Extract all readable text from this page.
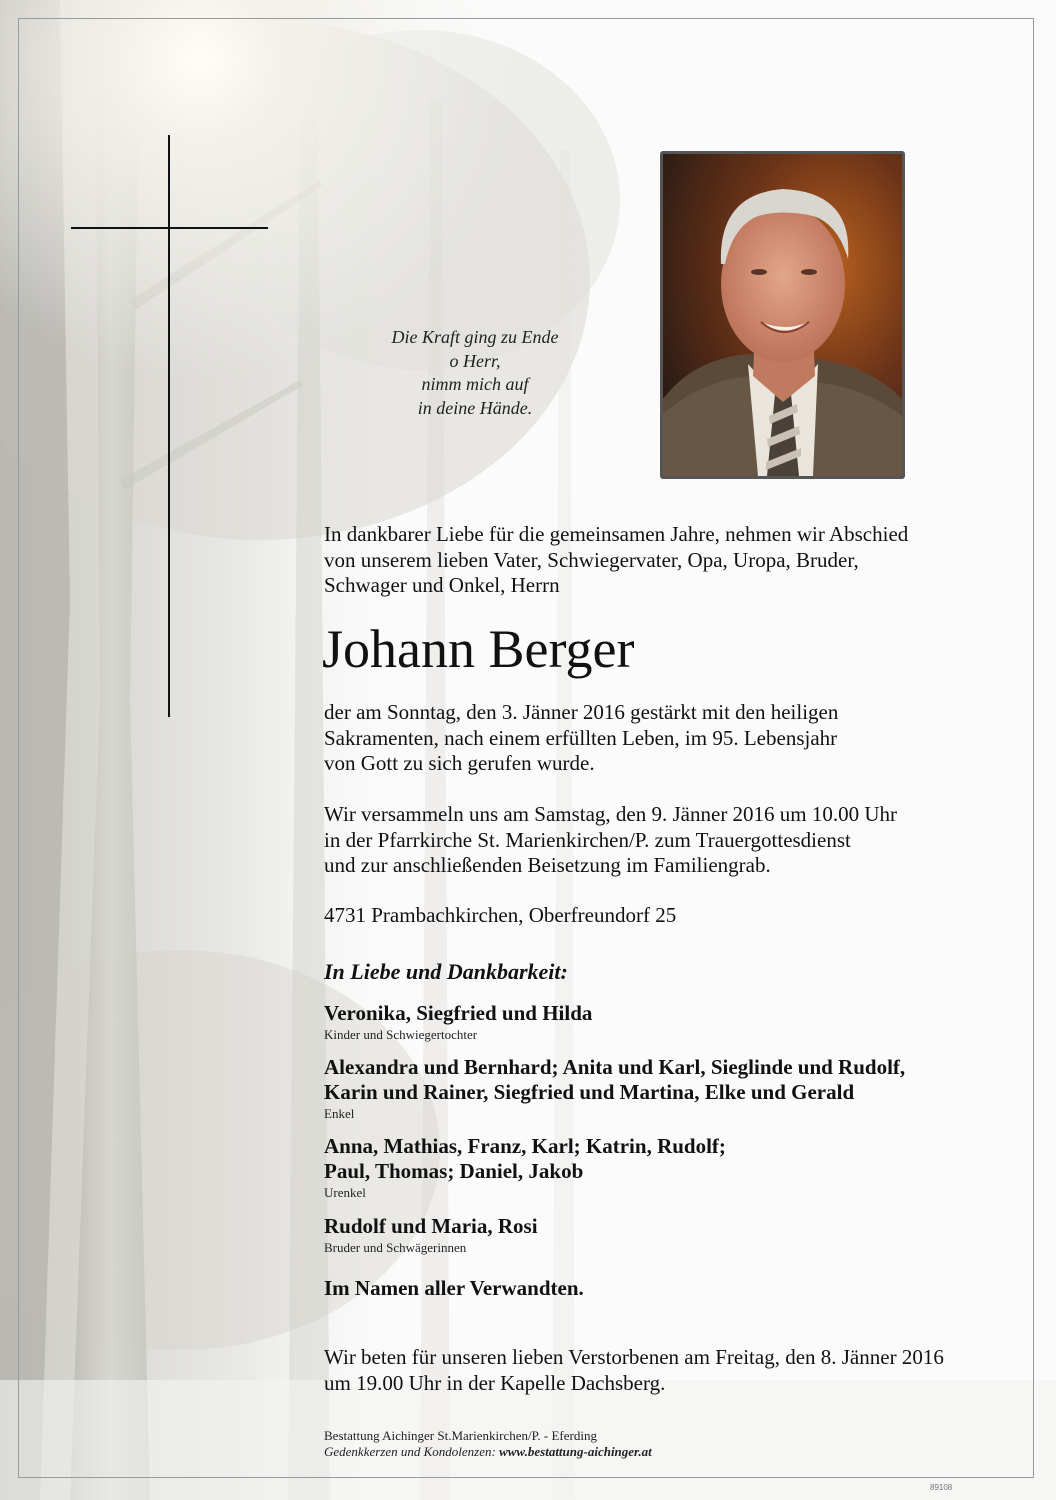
Die Kraft ging zu Ende
o Herr,
nimm mich auf
in deine Hände.
In dankbarer Liebe für die gemeinsamen Jahre, nehmen wir Abschied
von unserem lieben Vater, Schwiegervater, Opa, Uropa, Bruder,
Schwager und Onkel, Herrn
Johann Berger
der am Sonntag, den 3. Jänner 2016 gestärkt mit den heiligen
Sakramenten, nach einem erfüllten Leben, im 95. Lebensjahr
von Gott zu sich gerufen wurde.
Wir versammeln uns am Samstag, den 9. Jänner 2016 um 10.00 Uhr
in der Pfarrkirche St. Marienkirchen/P. zum Trauergottesdienst
und zur anschließenden Beisetzung im Familiengrab.
4731 Prambachkirchen, Oberfreundorf 25
In Liebe und Dankbarkeit:
Veronika, Siegfried und Hilda
Kinder und Schwiegertochter
Alexandra und Bernhard; Anita und Karl, Sieglinde und Rudolf,
Karin und Rainer, Siegfried und Martina, Elke und Gerald
Enkel
Anna, Mathias, Franz, Karl; Katrin, Rudolf;
Paul, Thomas; Daniel, Jakob
Urenkel
Rudolf und Maria, Rosi
Bruder und Schwägerinnen
Im Namen aller Verwandten.
Wir beten für unseren lieben Verstorbenen am Freitag, den 8. Jänner 2016
um 19.00 Uhr in der Kapelle Dachsberg.
Bestattung Aichinger St.Marienkirchen/P. - Eferding
Gedenkkerzen und Kondolenzen: www.bestattung-aichinger.at
89108
